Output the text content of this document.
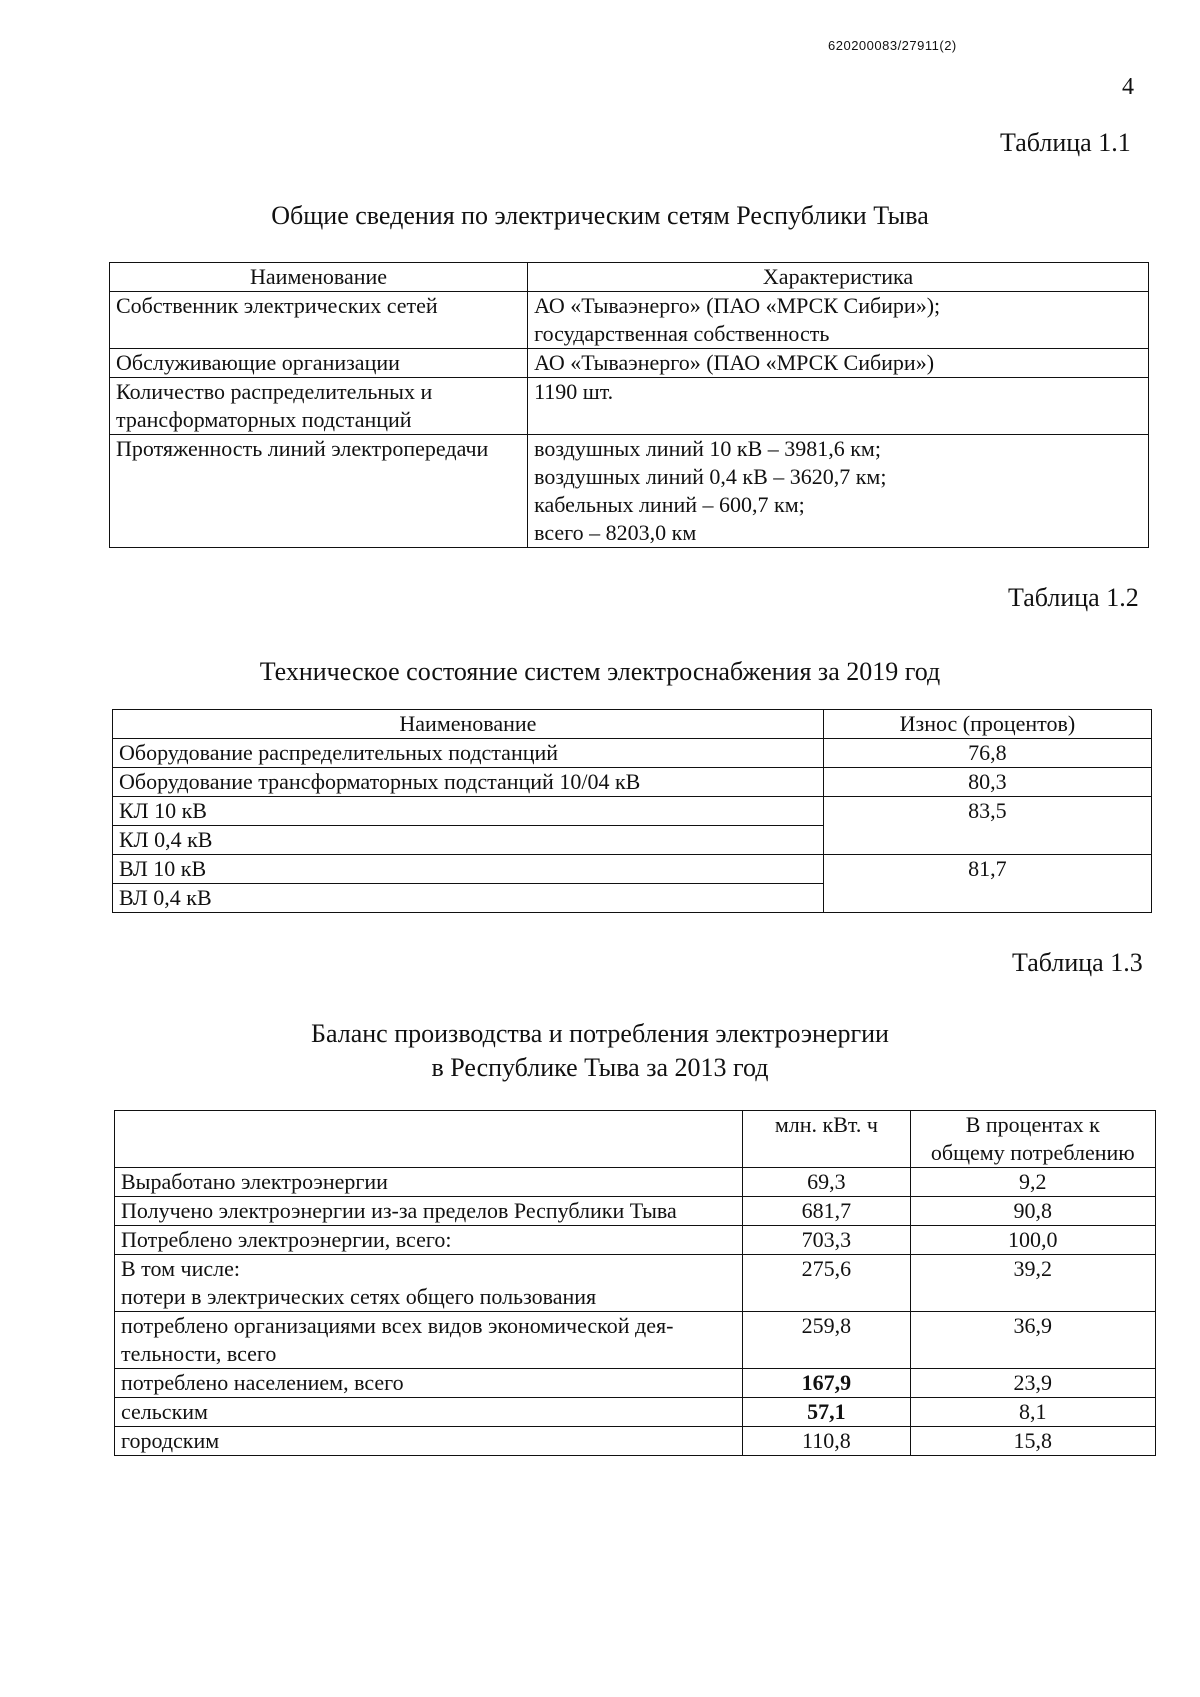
620200083/27911(2)
4
Таблица 1.1
Общие сведения по электрическим сетям Республики Тыва
Наименование	Характеристика

Собственник электрических сетей	АО «Тываэнерго» (ПАО «МРСК Сибири»);
государственная собственность

Обслуживающие организации	АО «Тываэнерго» (ПАО «МРСК Сибири»)

Количество распределительных и
трансформаторных подстанций	1190 шт.

Протяженность линий электропередачи	воздушных линий 10 кВ – 3981,6 км;
воздушных линий 0,4 кВ – 3620,7 км;
кабельных линий – 600,7 км;
всего – 8203,0 км
Таблица 1.2
Техническое состояние систем электроснабжения за 2019 год
Наименование	Износ (процентов)
Оборудование распределительных подстанций	76,8
Оборудование трансформаторных подстанций 10/04 кВ	80,3
КЛ 10 кВ	83,5
КЛ 0,4 кВ	
ВЛ 10 кВ	81,7
ВЛ 0,4 кВ	
Таблица 1.3
Баланс производства и потребления электроэнергии
в Республике Тыва за 2013 год
	млн. кВт. ч	В процентах к
общему потреблению

Выработано электроэнергии	69,3	9,2

Получено электроэнергии из-за пределов Республики Тыва	681,7	90,8

Потреблено электроэнергии, всего:	703,3	100,0

В том числе:
потери в электрических сетях общего пользования	275,6	39,2

потреблено организациями всех видов экономической дея-
тельности, всего	259,8	36,9

потреблено населением, всего	167,9	23,9

сельским	57,1	8,1

городским	110,8	15,8
